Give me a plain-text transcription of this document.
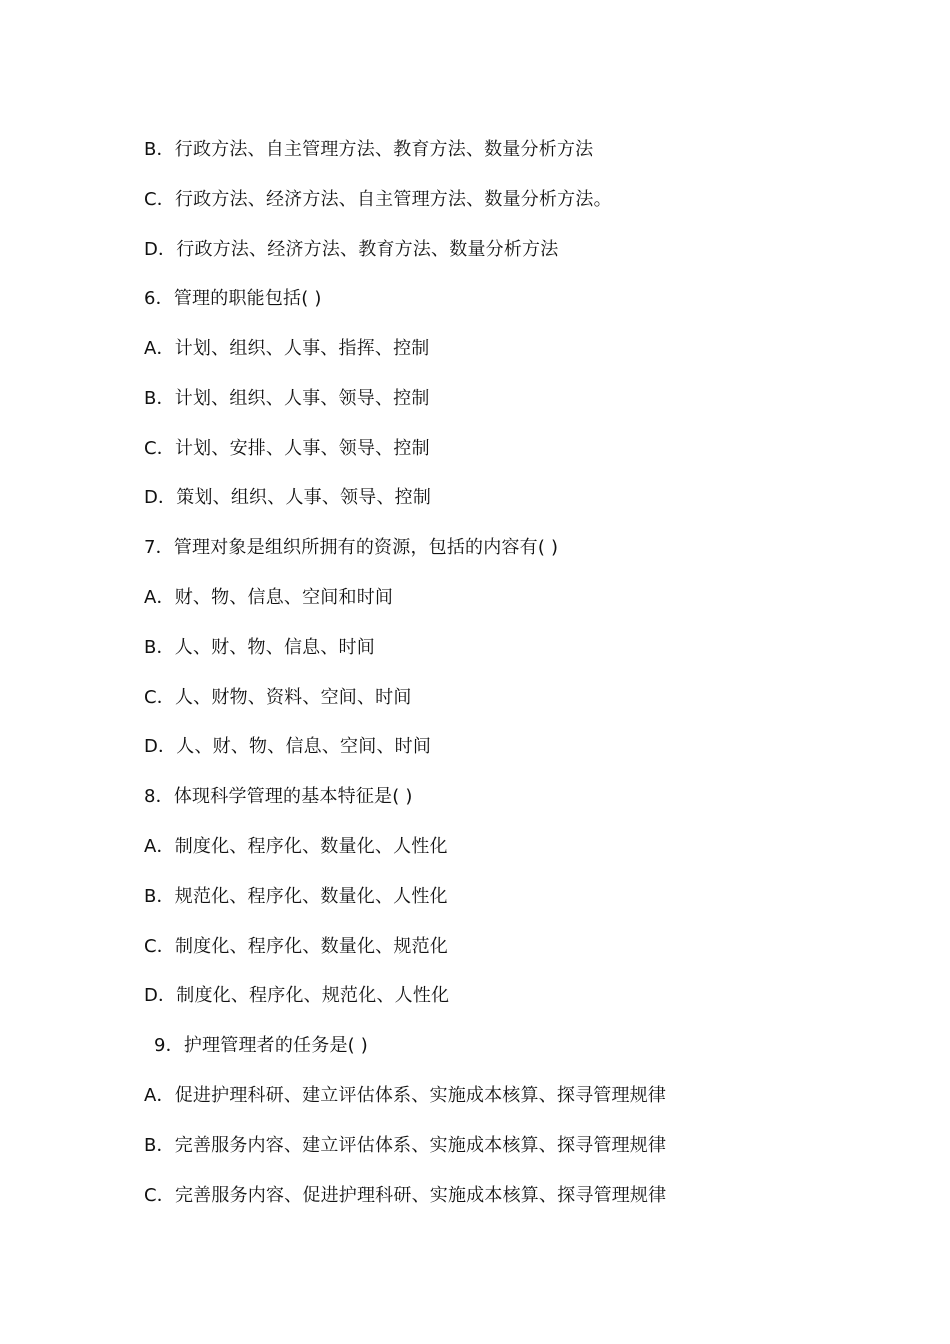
B．行政方法、自主管理方法、教育方法、数量分析方法
C．行政方法、经济方法、自主管理方法、数量分析方法。
D．行政方法、经济方法、教育方法、数量分析方法
6．管理的职能包括( )
A．计划、组织、人事、指挥、控制
B．计划、组织、人事、领导、控制
C．计划、安排、人事、领导、控制
D．策划、组织、人事、领导、控制
7．管理对象是组织所拥有的资源，包括的内容有( )
A．财、物、信息、空间和时间
B．人、财、物、信息、时间
C．人、财物、资料、空间、时间
D．人、财、物、信息、空间、时间
8．体现科学管理的基本特征是( )
A．制度化、程序化、数量化、人性化
B．规范化、程序化、数量化、人性化
C．制度化、程序化、数量化、规范化
D．制度化、程序化、规范化、人性化
9．护理管理者的任务是( )
A．促进护理科研、建立评估体系、实施成本核算、探寻管理规律
B．完善服务内容、建立评估体系、实施成本核算、探寻管理规律
C．完善服务内容、促进护理科研、实施成本核算、探寻管理规律
